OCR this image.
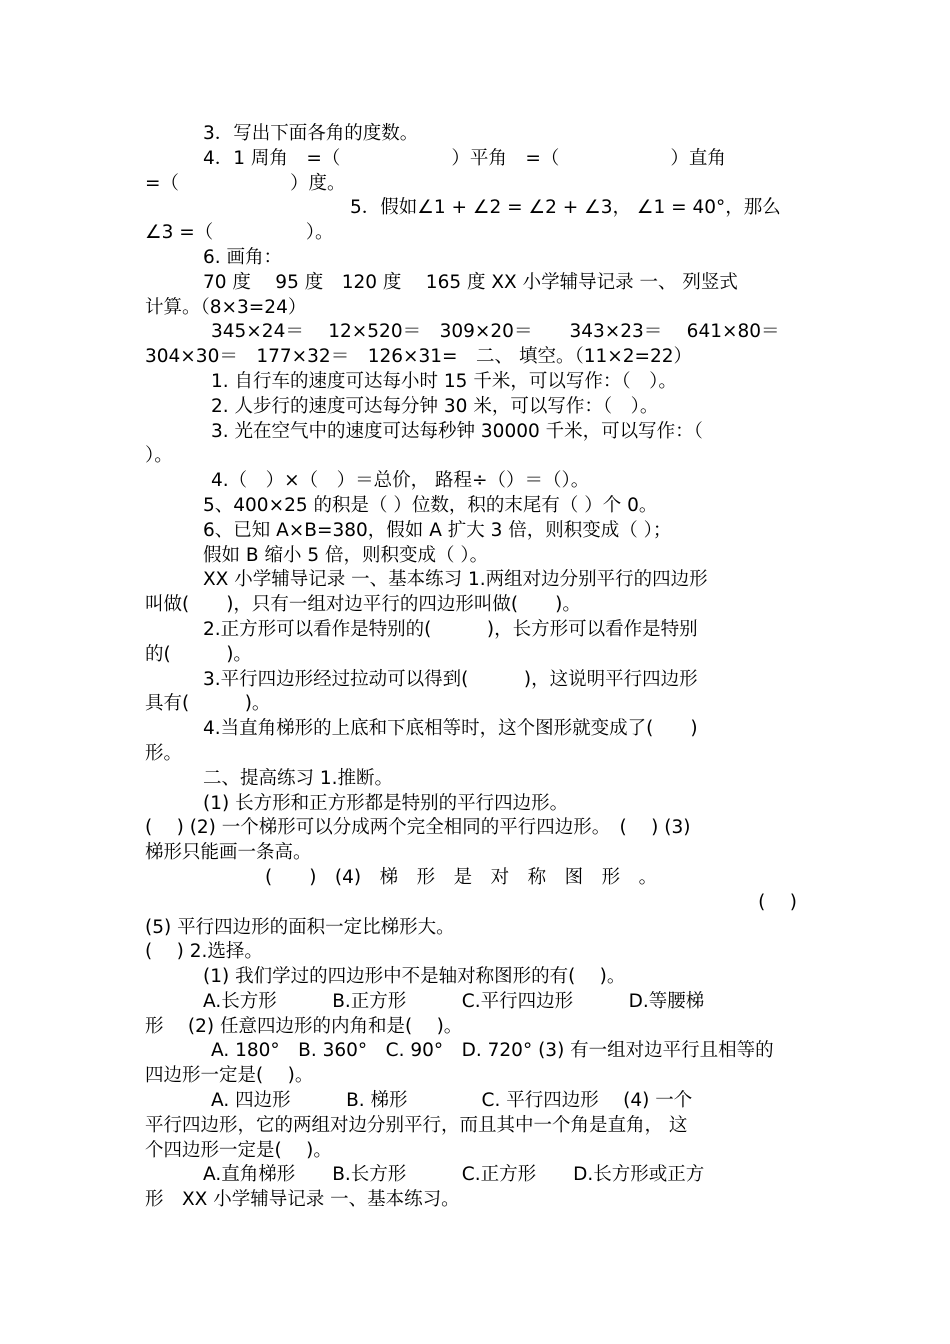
3．写出下面各角的度数。
4．1 周角　=（　　　　　　）平角　=（　　　　　　）直角
=（　　　　　　）度。
5．假如∠1 + ∠2 = ∠2 + ∠3， ∠1 = 40°，那么
∠3 =（　　　　　）。
6. 画角：
70 度　 95 度　120 度　 165 度 XX 小学辅导记录 一、 列竖式
计算。（8×3=24）
345×24＝　 12×520＝　309×20＝　　343×23＝　 641×80＝
304×30＝　177×32＝　126×31=　二、 填空。（11×2=22）
1. 自行车的速度可达每小时 15 千米，可以写作：（　）。
2. 人步行的速度可达每分钟 30 米，可以写作：（　）。
3. 光在空气中的速度可达每秒钟 30000 千米，可以写作：（
）。
4.（　）×（　）＝总价， 路程÷（）＝（）。
5、400×25 的积是（ ）位数，积的末尾有（ ）个 0。
6、已知 A×B=380，假如 A 扩大 3 倍，则积变成（ ）；
假如 B 缩小 5 倍，则积变成（ ）。
XX 小学辅导记录 一、基本练习 1.两组对边分别平行的四边形
叫做(　　)，只有一组对边平行的四边形叫做(　　)。
2.正方形可以看作是特别的(　　　)，长方形可以看作是特别
的(　　　)。
3.平行四边形经过拉动可以得到(　　　)，这说明平行四边形
具有(　　　)。
4.当直角梯形的上底和下底相等时，这个图形就变成了(　　)
形。
二、提高练习 1.推断。
(1) 长方形和正方形都是特别的平行四边形。
(　 ) (2) 一个梯形可以分成两个完全相同的平行四边形。　(　 ) (3)
梯形只能画一条高。
(　　)　(4)　梯　形　是　对　称　图　形　。
(　 )
(5) 平行四边形的面积一定比梯形大。
(　 ) 2.选择。
(1) 我们学过的四边形中不是轴对称图形的有(　 )。
A.长方形　　　B.正方形　　　C.平行四边形　　　D.等腰梯
形　 (2) 任意四边形的内角和是(　 )。
A. 180°　B. 360°　C. 90°　D. 720° (3) 有一组对边平行且相等的
四边形一定是(　 )。
A. 四边形　　　B. 梯形　　　　C. 平行四边形　 (4) 一个
平行四边形，它的两组对边分别平行，而且其中一个角是直角， 这
个四边形一定是(　 )。
A.直角梯形　　B.长方形　　　C.正方形　　D.长方形或正方
形　XX 小学辅导记录 一、基本练习。
